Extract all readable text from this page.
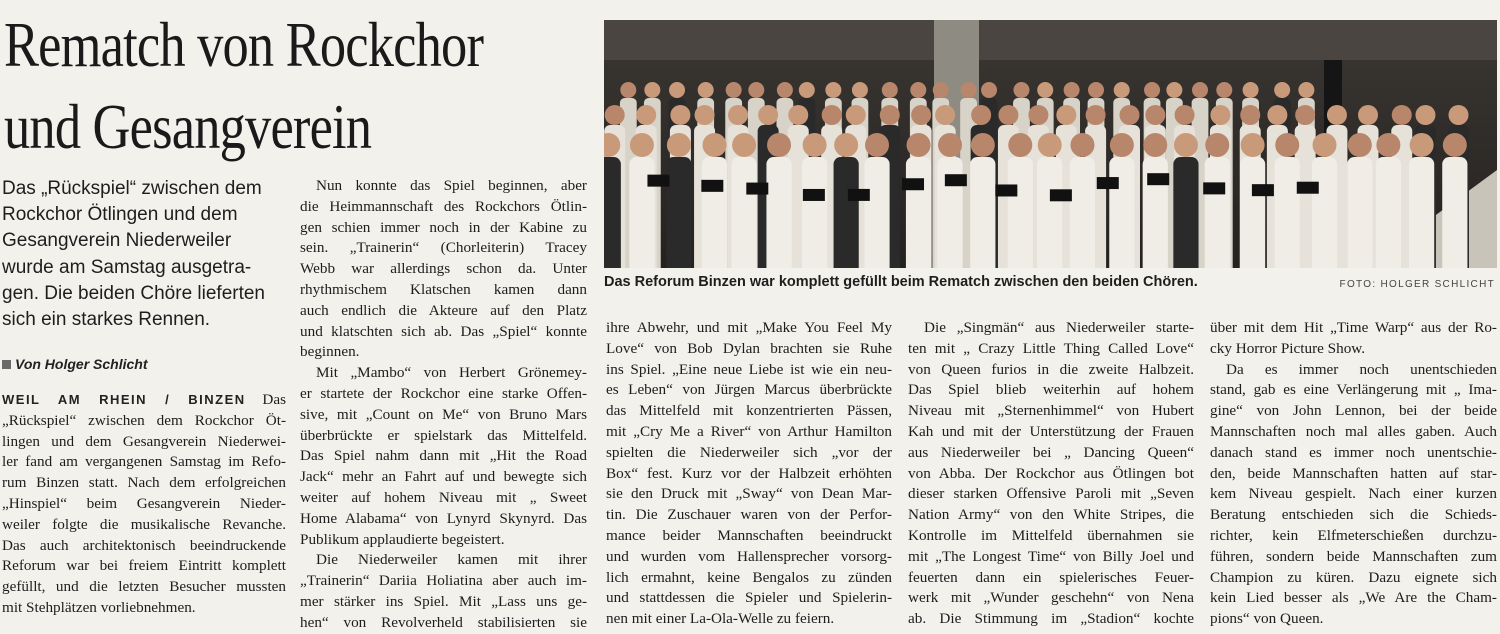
Rematch von Rockchor
und Gesangverein
Das „Rückspiel“ zwischen dem
Rockchor Ötlingen und dem
Gesangverein Niederweiler
wurde am Samstag ausgetra-
gen. Die beiden Chöre lieferten
sich ein starkes Rennen.
Von Holger Schlicht
WEIL AM RHEIN / BINZEN Das
„Rückspiel“ zwischen dem Rockchor Öt-
lingen und dem Gesangverein Niederwei-
ler fand am vergangenen Samstag im Refo-
rum Binzen statt. Nach dem erfolgreichen
„Hinspiel“ beim Gesangverein Nieder-
weiler folgte die musikalische Revanche.
Das auch architektonisch beeindruckende
Reforum war bei freiem Eintritt komplett
gefüllt, und die letzten Besucher mussten
mit Stehplätzen vorliebnehmen.
Nun konnte das Spiel beginnen, aber
die Heimmannschaft des Rockchors Ötlin-
gen schien immer noch in der Kabine zu
sein. „Trainerin“ (Chorleiterin) Tracey
Webb war allerdings schon da. Unter
rhythmischem Klatschen kamen dann
auch endlich die Akteure auf den Platz
und klatschten sich ab. Das „Spiel“ konnte
beginnen.
Mit „Mambo“ von Herbert Grönemey-
er startete der Rockchor eine starke Offen-
sive, mit „Count on Me“ von Bruno Mars
überbrückte er spielstark das Mittelfeld.
Das Spiel nahm dann mit „Hit the Road
Jack“ mehr an Fahrt auf und bewegte sich
weiter auf hohem Niveau mit „ Sweet
Home Alabama“ von Lynyrd Skynyrd. Das
Publikum applaudierte begeistert.
Die Niederweiler kamen mit ihrer
„Trainerin“ Dariia Holiatina aber auch im-
mer stärker ins Spiel. Mit „Lass uns ge-
hen“ von Revolverheld stabilisierten sie
Das Reforum Binzen war komplett gefüllt beim Rematch zwischen den beiden Chören.	FOTO: HOLGER SCHLICHT
ihre Abwehr, und mit „Make You Feel My
Love“ von Bob Dylan brachten sie Ruhe
ins Spiel. „Eine neue Liebe ist wie ein neu-
es Leben“ von Jürgen Marcus überbrückte
das Mittelfeld mit konzentrierten Pässen,
mit „Cry Me a River“ von Arthur Hamilton
spielten die Niederweiler sich „vor der
Box“ fest. Kurz vor der Halbzeit erhöhten
sie den Druck mit „Sway“ von Dean Mar-
tin. Die Zuschauer waren von der Perfor-
mance beider Mannschaften beeindruckt
und wurden vom Hallensprecher vorsorg-
lich ermahnt, keine Bengalos zu zünden
und stattdessen die Spieler und Spielerin-
nen mit einer La-Ola-Welle zu feiern.
Die „Singmän“ aus Niederweiler starte-
ten mit „ Crazy Little Thing Called Love“
von Queen furios in die zweite Halbzeit.
Das Spiel blieb weiterhin auf hohem
Niveau mit „Sternenhimmel“ von Hubert
Kah und mit der Unterstützung der Frauen
aus Niederweiler bei „ Dancing Queen“
von Abba. Der Rockchor aus Ötlingen bot
dieser starken Offensive Paroli mit „Seven
Nation Army“ von den White Stripes, die
Kontrolle im Mittelfeld übernahmen sie
mit „The Longest Time“ von Billy Joel und
feuerten dann ein spielerisches Feuer-
werk mit „Wunder geschehn“ von Nena
ab. Die Stimmung im „Stadion“ kochte
über mit dem Hit „Time Warp“ aus der Ro-
cky Horror Picture Show.
Da es immer noch unentschieden
stand, gab es eine Verlängerung mit „ Ima-
gine“ von John Lennon, bei der beide
Mannschaften noch mal alles gaben. Auch
danach stand es immer noch unentschie-
den, beide Mannschaften hatten auf star-
kem Niveau gespielt. Nach einer kurzen
Beratung entschieden sich die Schieds-
richter, kein Elfmeterschießen durchzu-
führen, sondern beide Mannschaften zum
Champion zu küren. Dazu eignete sich
kein Lied besser als „We Are the Cham-
pions“ von Queen.
